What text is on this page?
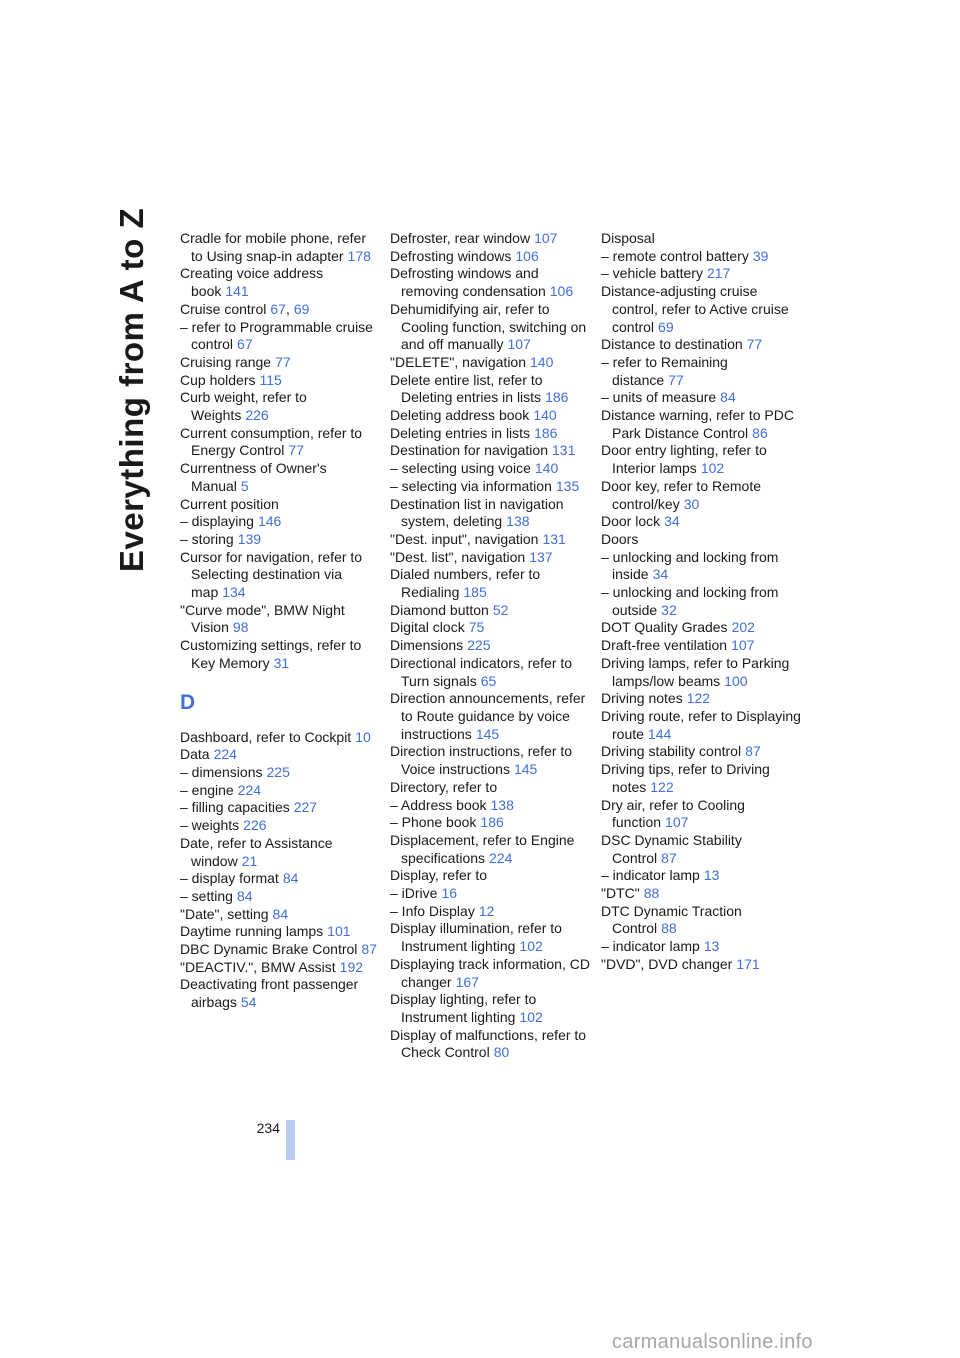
Everything from A to Z Cradle for mobile phone, refer to Using snap-in adapter 178
Creating voice address book 141
Cruise control 67, 69
– refer to Programmable cruise control 67
Cruising range 77
Cup holders 115
Curb weight, refer to Weights 226
Current consumption, refer to Energy Control 77
Currentness of Owner's Manual 5
Current position
– displaying 146
– storing 139
Cursor for navigation, refer to Selecting destination via map 134
"Curve mode", BMW Night Vision 98
Customizing settings, refer to Key Memory 31
D
Dashboard, refer to Cockpit 10
Data 224
– dimensions 225
– engine 224
– filling capacities 227
– weights 226
Date, refer to Assistance window 21
– display format 84
– setting 84
"Date", setting 84
Daytime running lamps 101
DBC Dynamic Brake Control 87
"DEACTIV.", BMW Assist 192
Deactivating front passenger airbags 54
Defroster, rear window 107
Defrosting windows 106
Defrosting windows and removing condensation 106
Dehumidifying air, refer to Cooling function, switching on and off manually 107
"DELETE", navigation 140
Delete entire list, refer to Deleting entries in lists 186
Deleting address book 140
Deleting entries in lists 186
Destination for navigation 131
– selecting using voice 140
– selecting via information 135
Destination list in navigation system, deleting 138
"Dest. input", navigation 131
"Dest. list", navigation 137
Dialed numbers, refer to Redialing 185
Diamond button 52
Digital clock 75
Dimensions 225
Directional indicators, refer to Turn signals 65
Direction announcements, refer to Route guidance by voice instructions 145
Direction instructions, refer to Voice instructions 145
Directory, refer to
– Address book 138
– Phone book 186
Displacement, refer to Engine specifications 224
Display, refer to
– iDrive 16
– Info Display 12
Display illumination, refer to Instrument lighting 102
Displaying track information, CD changer 167
Display lighting, refer to Instrument lighting 102
Display of malfunctions, refer to Check Control 80
Disposal
– remote control battery 39
– vehicle battery 217
Distance-adjusting cruise control, refer to Active cruise control 69
Distance to destination 77
– refer to Remaining distance 77
– units of measure 84
Distance warning, refer to PDC Park Distance Control 86
Door entry lighting, refer to Interior lamps 102
Door key, refer to Remote control/key 30
Door lock 34
Doors
– unlocking and locking from inside 34
– unlocking and locking from outside 32
DOT Quality Grades 202
Draft-free ventilation 107
Driving lamps, refer to Parking lamps/low beams 100
Driving notes 122
Driving route, refer to Displaying route 144
Driving stability control 87
Driving tips, refer to Driving notes 122
Dry air, refer to Cooling function 107
DSC Dynamic Stability Control 87
– indicator lamp 13
"DTC" 88
DTC Dynamic Traction Control 88
– indicator lamp 13
"DVD", DVD changer 171
234
carmanualsonline.info
